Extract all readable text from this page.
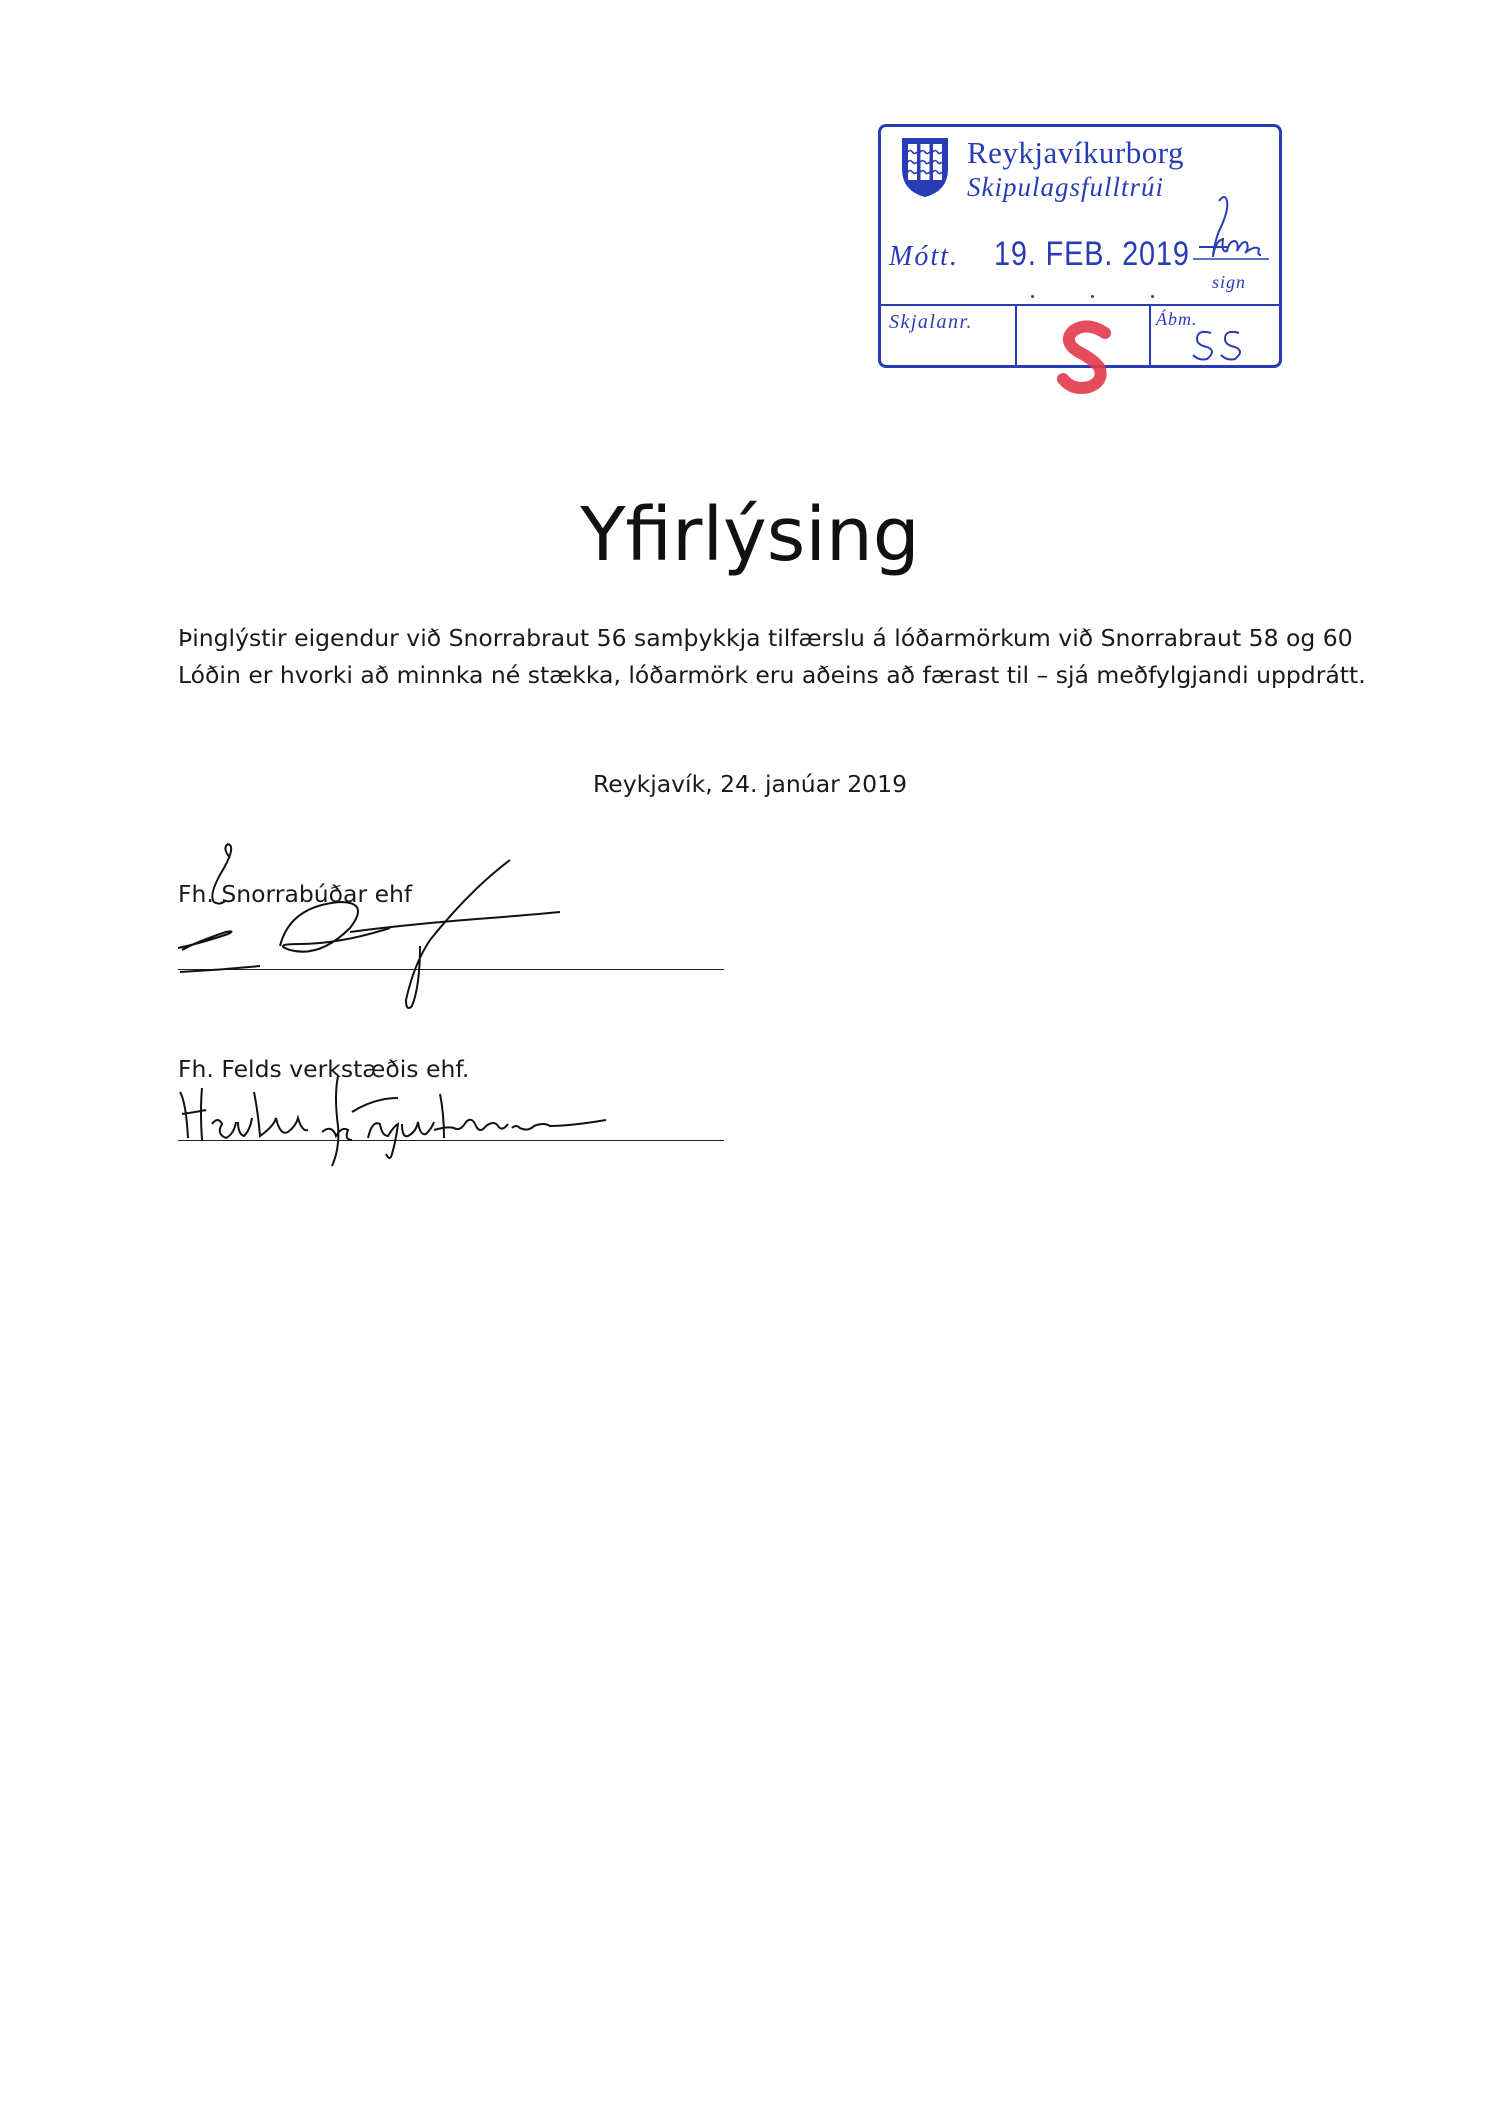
Reykjavíkurborg
Skipulagsfulltrúi
Mótt. 19. FEB. 2019
sign
Skjalanr.	Ábm.
Yfirlýsing
Þinglýstir eigendur við Snorrabraut 56 samþykkja tilfærslu á lóðarmörkum við Snorrabraut 58 og 60
Lóðin er hvorki að minnka né stækka, lóðarmörk eru aðeins að færast til – sjá meðfylgjandi uppdrátt.
Reykjavík, 24. janúar 2019
Fh. Snorrabúðar ehf
Fh. Felds verkstæðis ehf.
